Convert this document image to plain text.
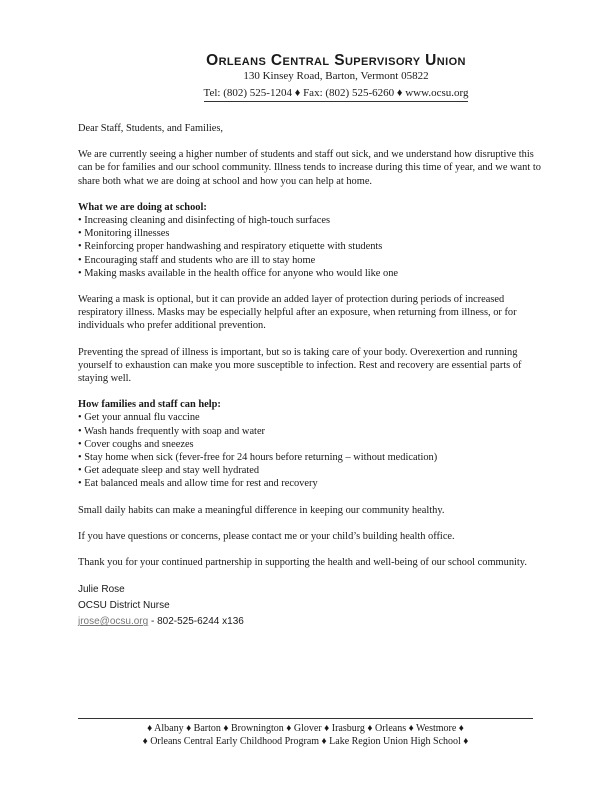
Orleans Central Supervisory Union
130 Kinsey Road, Barton, Vermont 05822
Tel: (802) 525-1204 ♦ Fax: (802) 525-6260 ♦ www.ocsu.org

Dear Staff, Students, and Families,

We are currently seeing a higher number of students and staff out sick, and we understand how disruptive this can be for families and our school community. Illness tends to increase during this time of year, and we want to share both what we are doing at school and how you can help at home.

What we are doing at school:
• Increasing cleaning and disinfecting of high-touch surfaces
• Monitoring illnesses
• Reinforcing proper handwashing and respiratory etiquette with students
• Encouraging staff and students who are ill to stay home
• Making masks available in the health office for anyone who would like one

Wearing a mask is optional, but it can provide an added layer of protection during periods of increased respiratory illness. Masks may be especially helpful after an exposure, when returning from illness, or for individuals who prefer additional prevention.

Preventing the spread of illness is important, but so is taking care of your body. Overexertion and running yourself to exhaustion can make you more susceptible to infection. Rest and recovery are essential parts of staying well.

How families and staff can help:
• Get your annual flu vaccine
• Wash hands frequently with soap and water
• Cover coughs and sneezes
• Stay home when sick (fever-free for 24 hours before returning – without medication)
• Get adequate sleep and stay well hydrated
• Eat balanced meals and allow time for rest and recovery

Small daily habits can make a meaningful difference in keeping our community healthy.

If you have questions or concerns, please contact me or your child’s building health office.

Thank you for your continued partnership in supporting the health and well-being of our school community.

Julie Rose
OCSU District Nurse
jrose@ocsu.org - 802-525-6244 x136
♦ Albany ♦ Barton ♦ Brownington ♦ Glover ♦ Irasburg ♦ Orleans ♦ Westmore ♦
♦ Orleans Central Early Childhood Program ♦ Lake Region Union High School ♦
